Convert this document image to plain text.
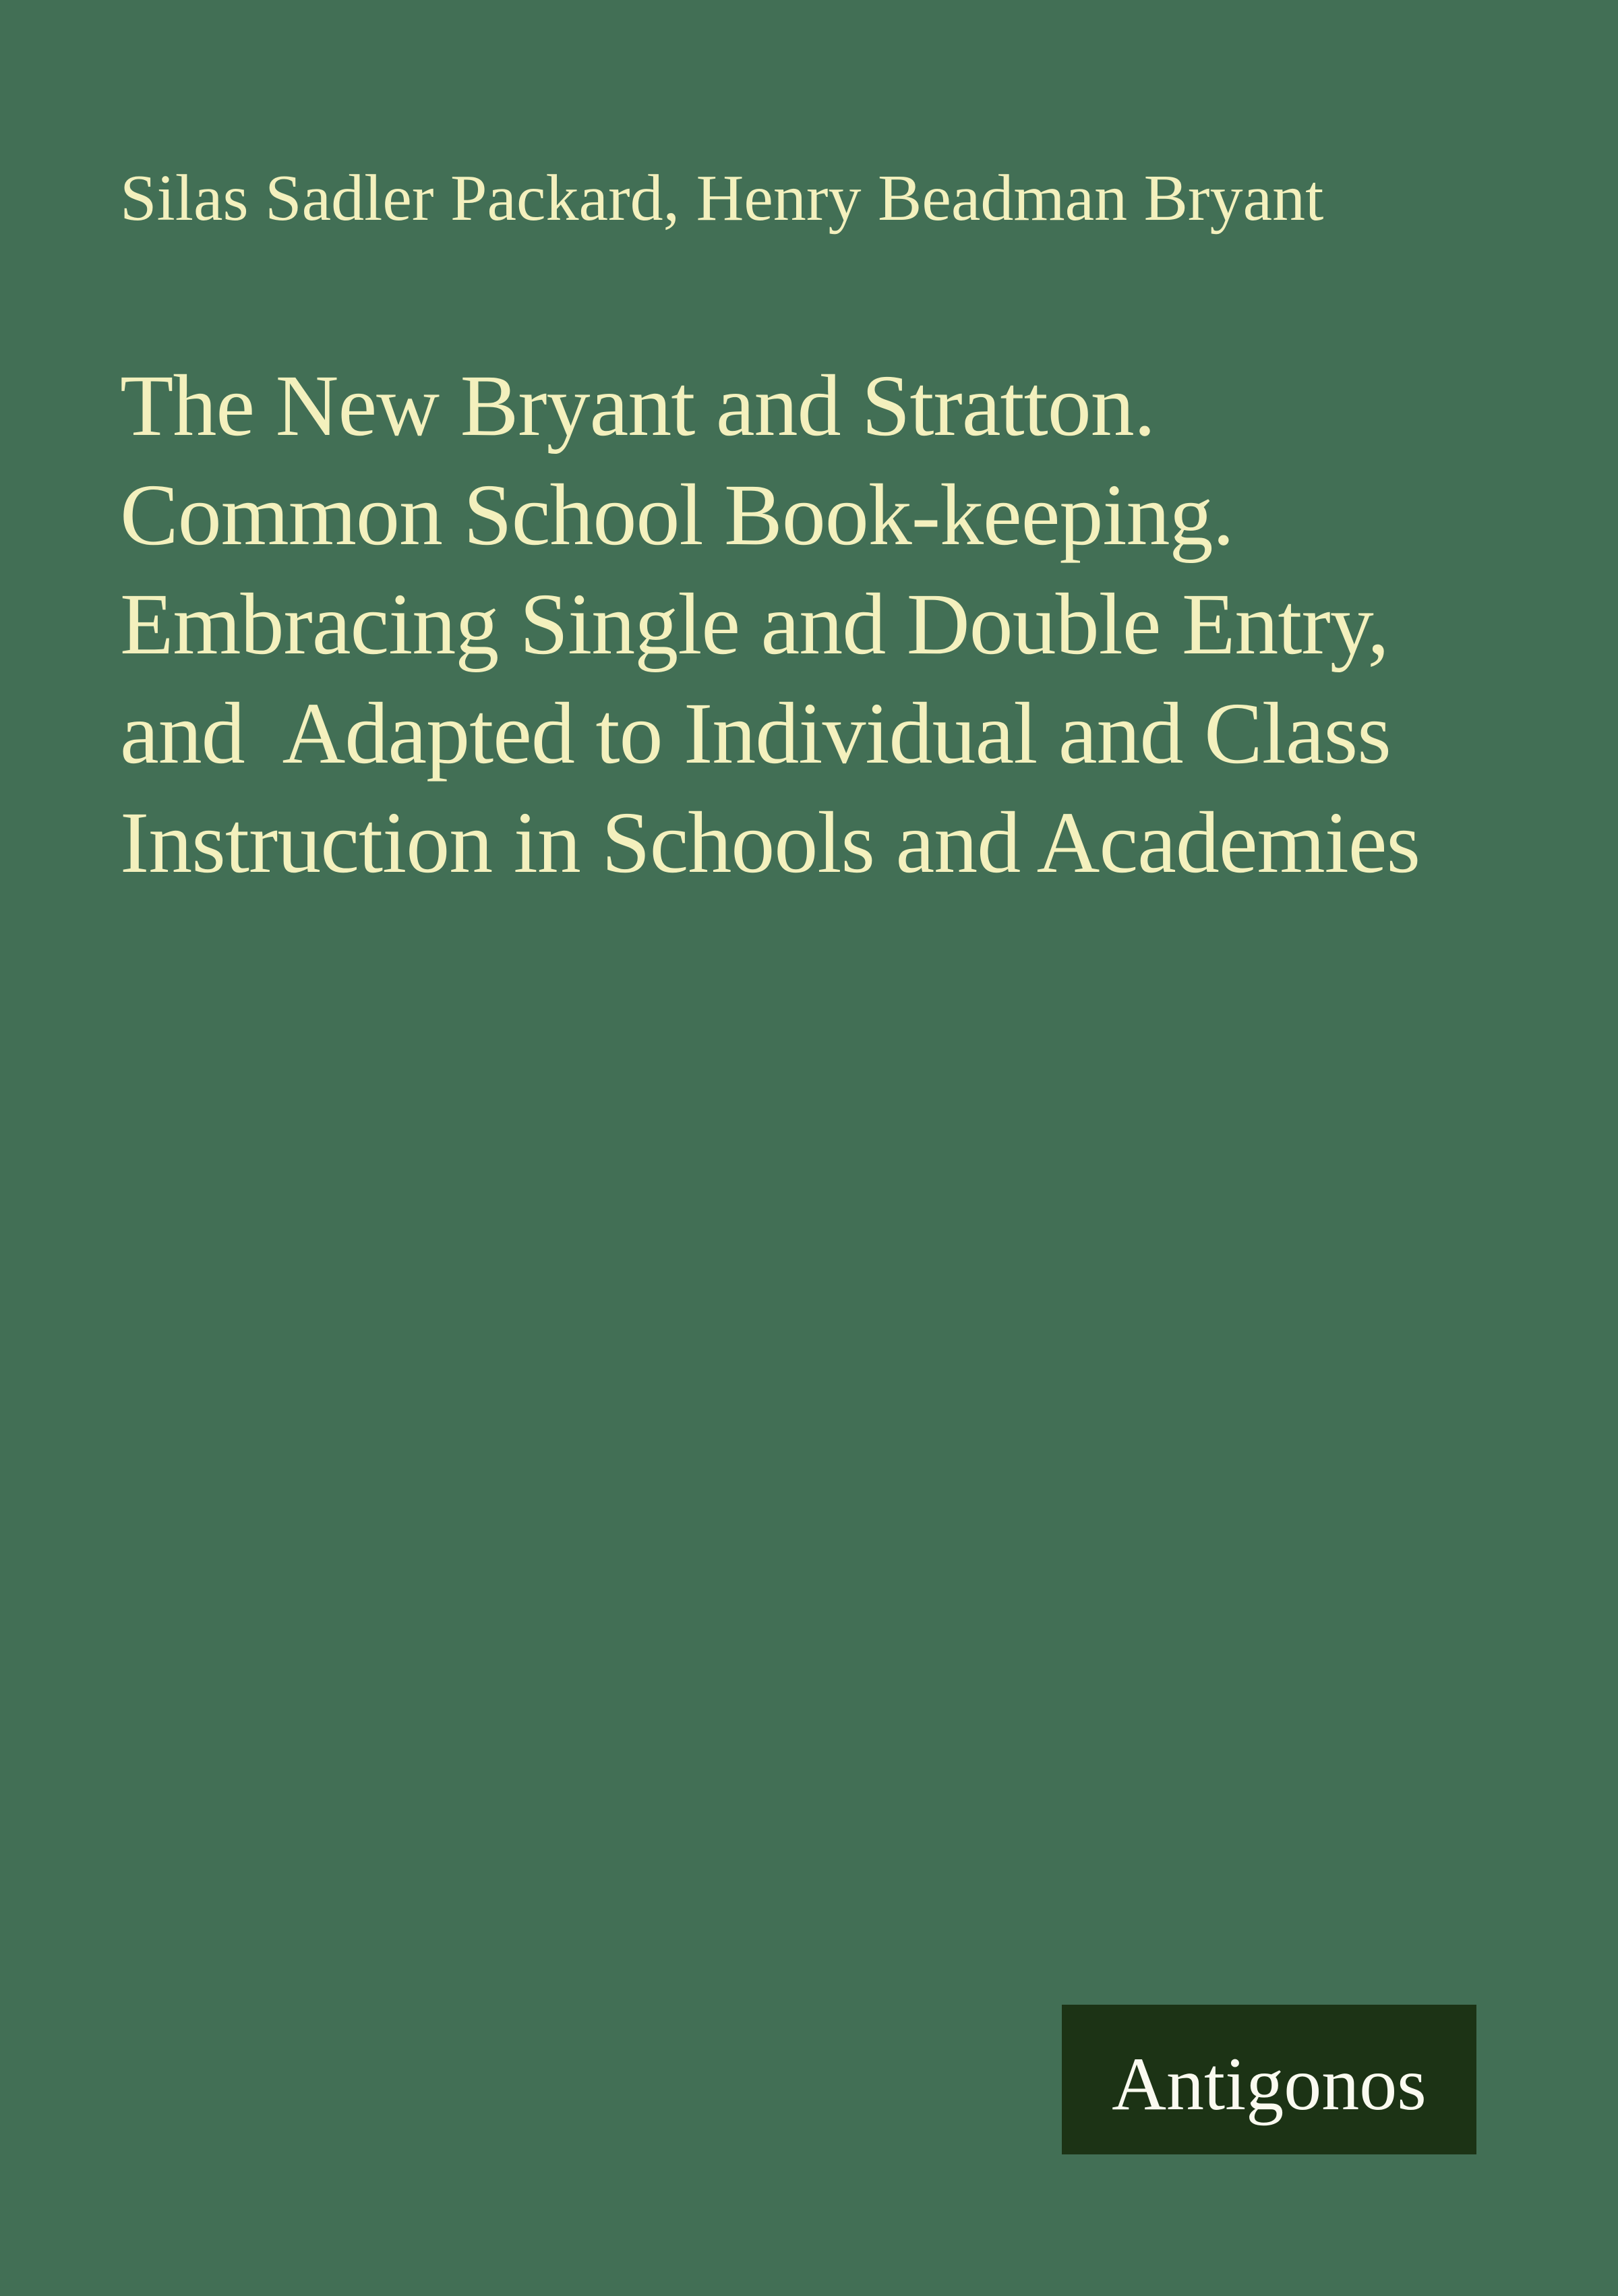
Silas Sadler Packard, Henry Beadman Bryant
The New Bryant and Stratton.
Common School Book-keeping.
Embracing Single and Double Entry,
and  Adapted to Individual and Class
Instruction in Schools and Academies
Antigonos
